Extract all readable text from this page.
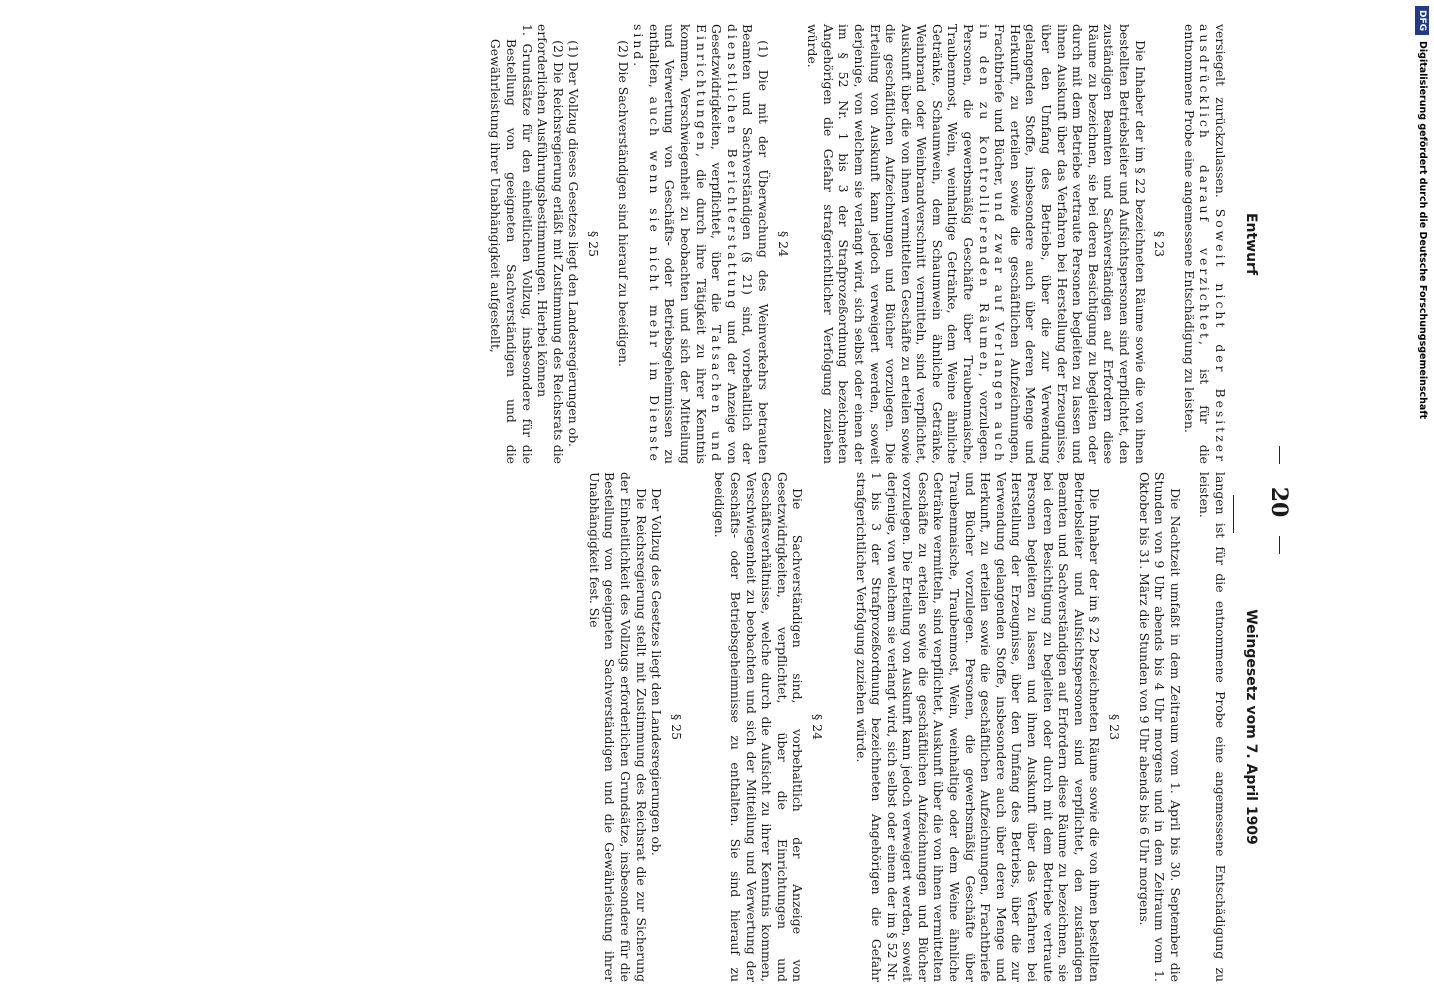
20
Entwurf
Weingesetz vom 7. April 1909

versiegelt zurückzulassen. Soweit nicht der Besitzer ausdrücklich darauf verzichtet, ist für die entnommene Probe eine angemessene Entschädigung zu leisten.

§ 23

Die Inhaber der im § 22 bezeichneten Räume sowie die von ihnen bestellten Betriebsleiter und Aufsichtspersonen sind verpflichtet, den zuständigen Beamten und Sachverständigen auf Erfordern diese Räume zu bezeichnen, sie bei deren Besichtigung zu begleiten oder durch mit dem Betriebe vertraute Personen begleiten zu lassen und ihnen Auskunft über das Verfahren bei Herstellung der Erzeugnisse, über den Umfang des Betriebs, über die zur Verwendung gelangenden Stoffe, insbesondere auch über deren Menge und Herkunft, zu erteilen sowie die geschäftlichen Aufzeichnungen, Frachtbriefe und Bücher, und zwar auf Verlangen auch in den zu kontrollierenden Räumen, vorzulegen. Personen, die gewerbsmäßig Geschäfte über Traubenmaische, Traubenmost, Wein, weinhaltige Getränke, dem Weine ähnliche Getränke, Schaumwein, dem Schaumwein ähnliche Getränke, Weinbrand oder Weinbrandverschnitt vermitteln, sind verpflichtet, Auskunft über die von ihnen vermittelten Geschäfte zu erteilen sowie die geschäftlichen Aufzeichnungen und Bücher vorzulegen. Die Erteilung von Auskunft kann jedoch verweigert werden, soweit derjenige, von welchem sie verlangt wird, sich selbst oder einen der im § 52 Nr. 1 bis 3 der Strafprozeßordnung bezeichneten Angehörigen die Gefahr strafgerichtlicher Verfolgung zuziehen würde.

§ 24

(1) Die mit der Überwachung des Weinverkehrs betrauten Beamten und Sachverständigen (§ 21) sind, vorbehaltlich der dienstlichen Berichterstattung und der Anzeige von Gesetzwidrigkeiten, verpflichtet, über die Tatsachen und Einrichtungen, die durch ihre Tätigkeit zu ihrer Kenntnis kommen, Verschwiegenheit zu beobachten und sich der Mitteilung und Verwertung von Geschäfts- oder Betriebsgeheimnissen zu enthalten, auch wenn sie nicht mehr im Dienste sind.

(2) Die Sachverständigen sind hierauf zu beeidigen.

§ 25

(1) Der Vollzug dieses Gesetzes liegt den Landesregierungen ob.

(2) Die Reichsregierung erläßt mit Zustimmung des Reichsrats die erforderlichen Ausführungsbestimmungen. Hierbei können

1. Grundsätze für den einheitlichen Vollzug, insbesondere für die Bestellung von geeigneten Sachverständigen und die Gewährleistung ihrer Unabhängigkeit aufgestellt,

langen ist für die entnommene Probe eine angemessene Entschädigung zu leisten.

Die Nachtzeit umfaßt in dem Zeitraum vom 1. April bis 30. September die Stunden von 9 Uhr abends bis 4 Uhr morgens und in dem Zeitraum vom 1. Oktober bis 31. März die Stunden von 9 Uhr abends bis 6 Uhr morgens.

§ 23

Die Inhaber der im § 22 bezeichneten Räume sowie die von ihnen bestellten Betriebsleiter und Aufsichtspersonen sind verpflichtet, den zuständigen Beamten und Sachverständigen auf Erfordern diese Räume zu bezeichnen, sie bei deren Besichtigung zu begleiten oder durch mit dem Betriebe vertraute Personen begleiten zu lassen und ihnen Auskunft über das Verfahren bei Herstellung der Erzeugnisse, über den Umfang des Betriebs, über die zur Verwendung gelangenden Stoffe, insbesondere auch über deren Menge und Herkunft, zu erteilen sowie die geschäftlichen Aufzeichnungen, Frachtbriefe und Bücher vorzulegen. Personen, die gewerbsmäßig Geschäfte über Traubenmaische, Traubenmost, Wein, weinhaltige oder dem Weine ähnliche Getränke vermitteln, sind verpflichtet, Auskunft über die von ihnen vermittelten Geschäfte zu erteilen sowie die geschäftlichen Aufzeichnungen und Bücher vorzulegen. Die Erteilung von Auskunft kann jedoch verweigert werden, soweit derjenige, von welchem sie verlangt wird, sich selbst oder einem der im § 52 Nr. 1 bis 3 der Strafprozeßordnung bezeichneten Angehörigen die Gefahr strafgerichtlicher Verfolgung zuziehen würde.

§ 24

Die Sachverständigen sind, vorbehaltlich der Anzeige von Gesetzwidrigkeiten, verpflichtet, über die Einrichtungen und Geschäftsverhältnisse, welche durch die Aufsicht zu ihrer Kenntnis kommen, Verschwiegenheit zu beobachten und sich der Mitteilung und Verwertung der Geschäfts- oder Betriebsgeheimnisse zu enthalten. Sie sind hierauf zu beeidigen.

§ 25

Der Vollzug des Gesetzes liegt den Landesregierungen ob.

Die Reichsregierung stellt mit Zustimmung des Reichsrat die zur Sicherung der Einheitlichkeit des Vollzugs erforderlichen Grundsätze, insbesondere für die Bestellung von geeigneten Sachverständigen und die Gewährleistung ihrer Unabhängigkeit fest. Sie

DFGDigitalisierung gefördert durch die Deutsche Forschungsgemeinschaft
